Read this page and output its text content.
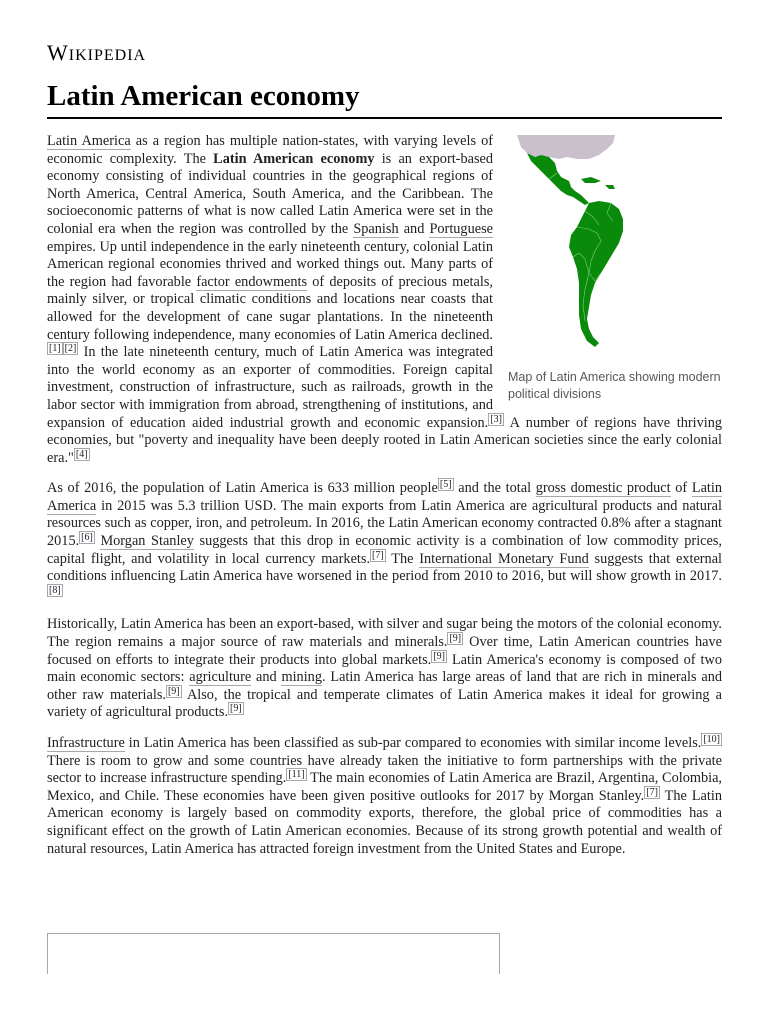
WIKIPEDIA
Latin American economy
Map of Latin America showing modern political divisions

Latin America as a region has multiple nation-states, with varying levels of economic complexity. The Latin American economy is an export-based economy consisting of individual countries in the geographical regions of North America, Central America, South America, and the Caribbean. The socioeconomic patterns of what is now called Latin America were set in the colonial era when the region was controlled by the Spanish and Portuguese empires. Up until independence in the early nineteenth century, colonial Latin American regional economies thrived and worked things out. Many parts of the region had favorable factor endowments of deposits of precious metals, mainly silver, or tropical climatic conditions and locations near coasts that allowed for the development of cane sugar plantations. In the nineteenth century following independence, many economies of Latin America declined.[1] [2] In the late nineteenth century, much of Latin America was integrated into the world economy as an exporter of commodities. Foreign capital investment, construction of infrastructure, such as railroads, growth in the labor sector with immigration from abroad, strengthening of institutions, and expansion of education aided industrial growth and economic expansion. [3] A number of regions have thriving economies, but "poverty and inequality have been deeply rooted in Latin American societies since the early colonial era." [4]

As of 2016, the population of Latin America is 633 million people [5] and the total gross domestic product of Latin America in 2015 was 5.3 trillion USD. The main exports from Latin America are agricultural products and natural resources such as copper, iron, and petroleum. In 2016, the Latin American economy contracted 0.8% after a stagnant 2015. [6] Morgan Stanley suggests that this drop in economic activity is a combination of low commodity prices, capital flight, and volatility in local currency markets. [7] The International Monetary Fund suggests that external conditions influencing Latin America have worsened in the period from 2010 to 2016, but will show growth in 2017.[8]

Historically, Latin America has been an export-based, with silver and sugar being the motors of the colonial economy. The region remains a major source of raw materials and minerals. [9] Over time, Latin American countries have focused on efforts to integrate their products into global markets. [9] Latin America's economy is composed of two main economic sectors: agriculture and mining. Latin America has large areas of land that are rich in minerals and other raw materials. [9] Also, the tropical and temperate climates of Latin America makes it ideal for growing a variety of agricultural products. [9]

Infrastructure in Latin America has been classified as sub-par compared to economies with similar income levels. [10] There is room to grow and some countries have already taken the initiative to form partnerships with the private sector to increase infrastructure spending. [11] The main economies of Latin America are Brazil, Argentina, Colombia, Mexico, and Chile. These economies have been given positive outlooks for 2017 by Morgan Stanley. [7] The Latin American economy is largely based on commodity exports, therefore, the global price of commodities has a significant effect on the growth of Latin American economies. Because of its strong growth potential and wealth of natural resources, Latin America has attracted foreign investment from the United States and Europe.
